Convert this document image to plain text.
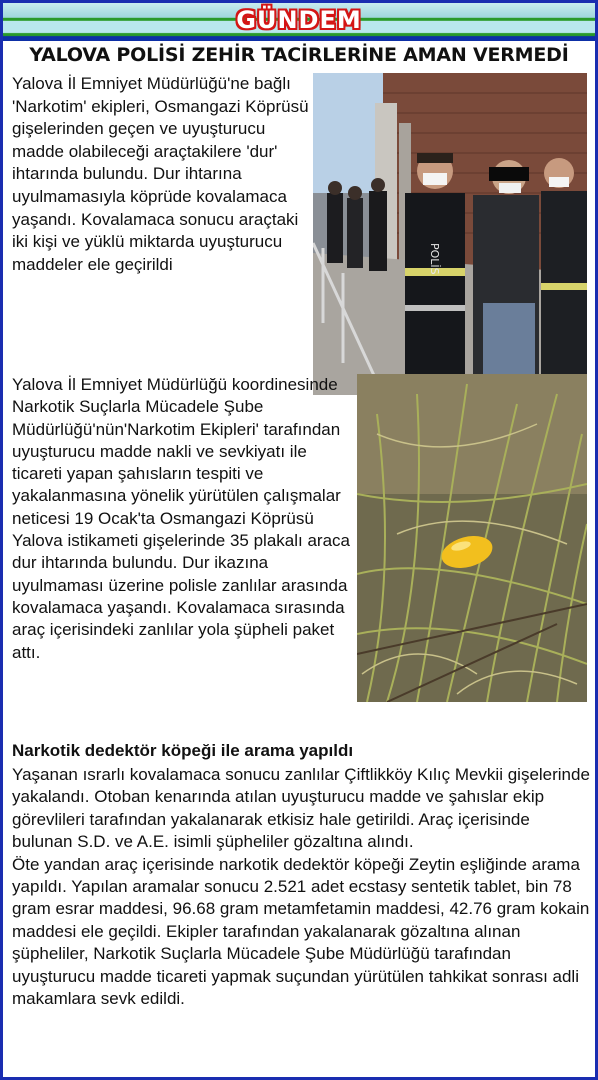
GÜNDEM
YALOVA POLİSİ ZEHİR TACİRLERİNE AMAN VERMEDİ

Yalova İl Emniyet Müdürlüğü'ne bağlı 'Narkotim' ekipleri, Osmangazi Köprüsü gişelerinden geçen ve uyuşturucu madde olabileceği araçtakilere 'dur' ihtarında bulundu. Dur ihtarına uyulmamasıyla köprüde kovalamaca yaşandı. Kovalamaca sonucu araçtaki iki kişi ve yüklü miktarda uyuşturucu maddeler ele geçirildi	POLİS

Yalova İl Emniyet Müdürlüğü koordinesinde Narkotik Suçlarla Mücadele Şube Müdürlüğü'nün'Narkotim Ekipleri' tarafından uyuşturucu madde nakli ve sevkiyatı ile ticareti yapan şahısların tespiti ve yakalanmasına yönelik yürütülen çalışmalar neticesi 19 Ocak'ta Osmangazi Köprüsü Yalova istikameti gişelerinde 35 plakalı araca dur ihtarında bulundu. Dur ikazına uyulmaması üzerine polisle zanlılar arasında kovalamaca yaşandı. Kovalamaca sırasında araç içerisindeki zanlılar yola şüpheli paket attı.

Narkotik dedektör köpeği ile arama yapıldı

Yaşanan ısrarlı kovalamaca sonucu zanlılar Çiftlikköy Kılıç Mevkii gişelerinde yakalandı. Otoban kenarında atılan uyuşturucu madde ve şahıslar ekip görevlileri tarafından yakalanarak etkisiz hale getirildi. Araç içerisinde bulunan S.D. ve A.E. isimli şüpheliler gözaltına alındı.

Öte yandan araç içerisinde narkotik dedektör köpeği Zeytin eşliğinde arama yapıldı. Yapılan aramalar sonucu 2.521 adet ecstasy sentetik tablet, bin 78 gram esrar maddesi, 96.68 gram metamfetamin maddesi, 42.76 gram kokain maddesi ele geçildi. Ekipler tarafından yakalanarak gözaltına alınan şüpheliler, Narkotik Suçlarla Mücadele Şube Müdürlüğü tarafından uyuşturucu madde ticareti yapmak suçundan yürütülen tahkikat sonrası adli makamlara sevk edildi.
